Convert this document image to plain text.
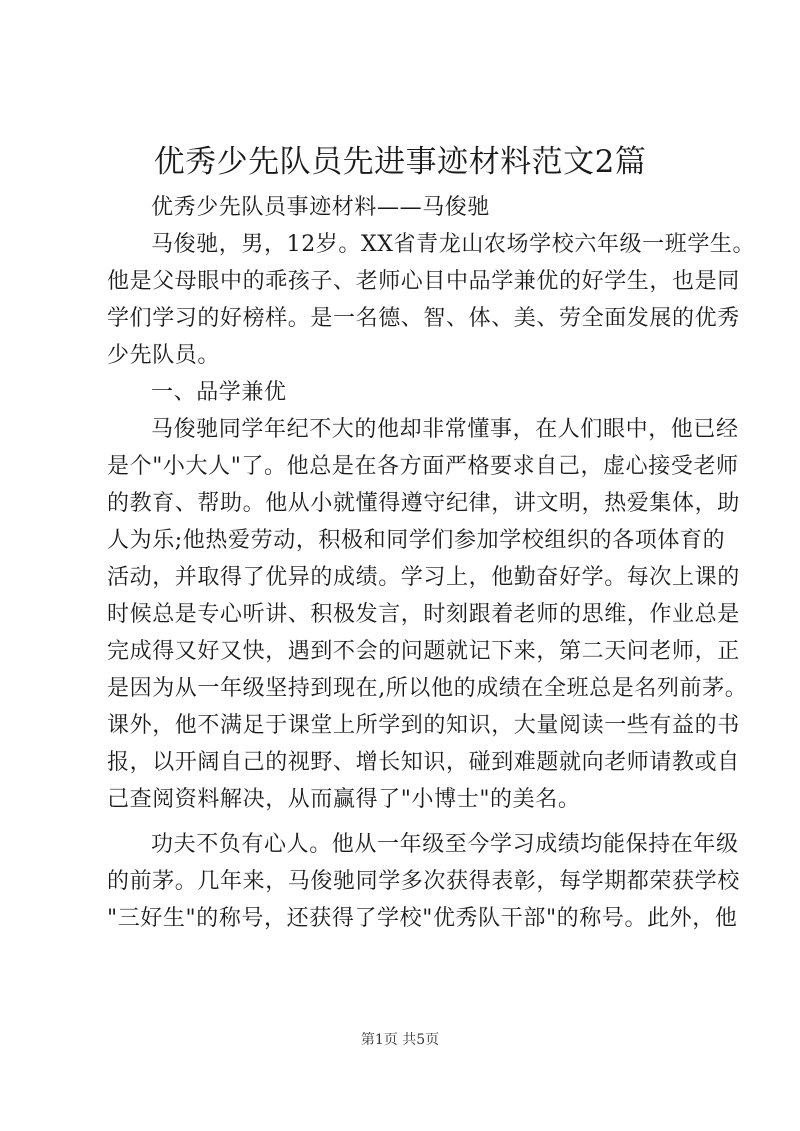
优秀少先队员先进事迹材料范文2篇
优秀少先队员事迹材料——马俊驰
马俊驰，男，12岁。XX省青龙山农场学校六年级一班学生。
他是父母眼中的乖孩子、老师心目中品学兼优的好学生，也是同
学们学习的好榜样。是一名德、智、体、美、劳全面发展的优秀
少先队员。
一、品学兼优
马俊驰同学年纪不大的他却非常懂事，在人们眼中，他已经
是个"小大人"了。他总是在各方面严格要求自己，虚心接受老师
的教育、帮助。他从小就懂得遵守纪律，讲文明，热爱集体，助
人为乐;他热爱劳动，积极和同学们参加学校组织的各项体育的
活动，并取得了优异的成绩。学习上，他勤奋好学。每次上课的
时候总是专心听讲、积极发言，时刻跟着老师的思维，作业总是
完成得又好又快，遇到不会的问题就记下来，第二天问老师，正
是因为从一年级坚持到现在,所以他的成绩在全班总是名列前茅。
课外，他不满足于课堂上所学到的知识，大量阅读一些有益的书
报，以开阔自己的视野、增长知识，碰到难题就向老师请教或自
己查阅资料解决，从而赢得了"小博士"的美名。
功夫不负有心人。他从一年级至今学习成绩均能保持在年级
的前茅。几年来，马俊驰同学多次获得表彰，每学期都荣获学校
"三好生"的称号，还获得了学校"优秀队干部"的称号。此外，他
第1页 共5页
